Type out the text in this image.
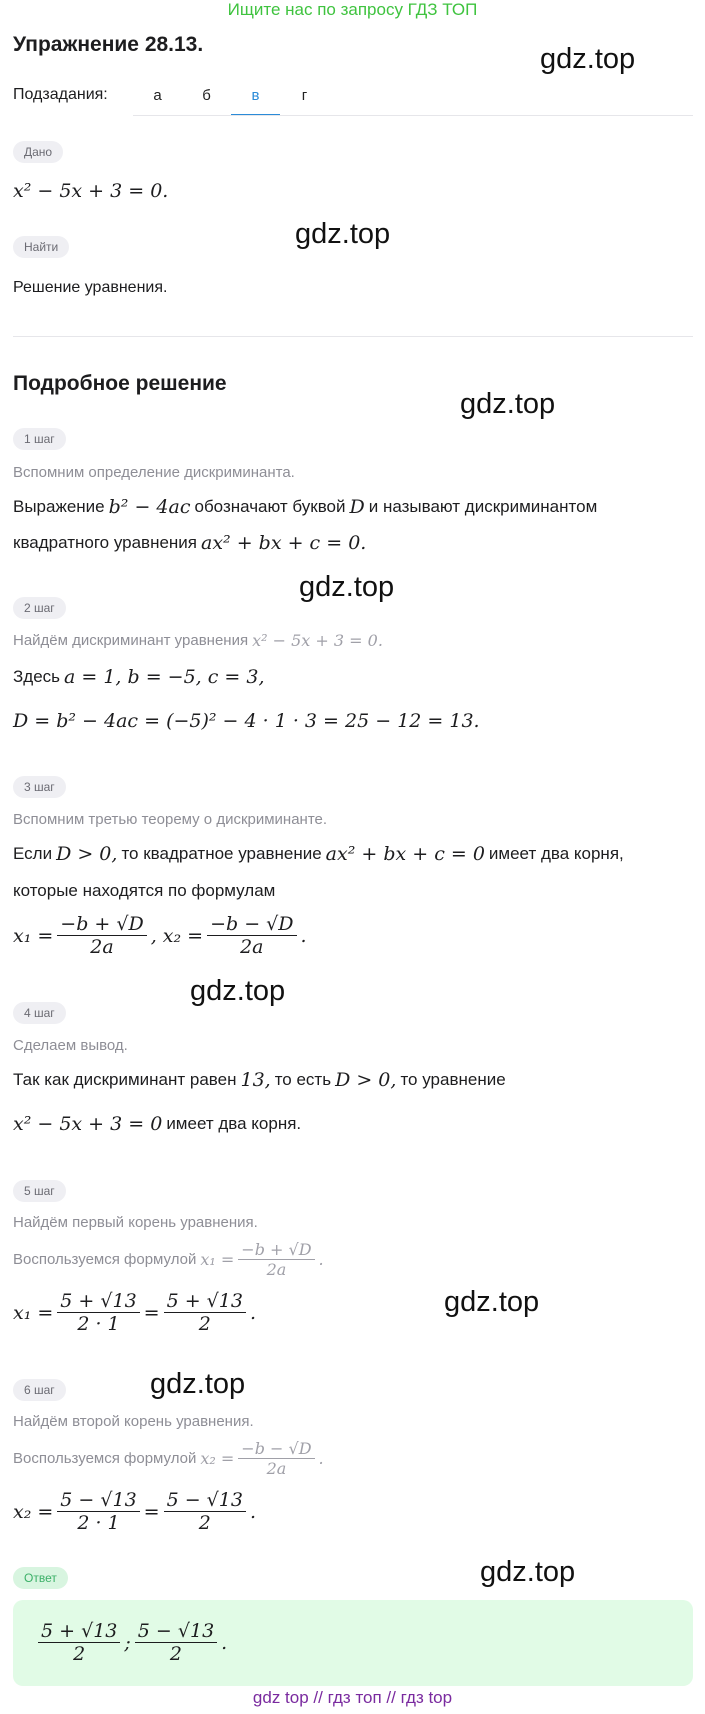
Ищите нас по запросу ГДЗ ТОП
Упражнение 28.13.	gdz.top
gdz.top
gdz.top
gdz.top
gdz.top
gdz.top
gdz.top
gdz.top
Подзадания:	а	б	в	г
Дано
x² − 5x + 3 = 0.
Найти
Решение уравнения.
Подробное решение
1 шаг
Вспомним определение дискриминанта.
Выражение b² − 4ac обозначают буквой D и называют дискриминантом
квадратного уравнения ax² + bx + c = 0.
2 шаг
Найдём дискриминант уравнения x² − 5x + 3 = 0.
Здесь a = 1, b = −5, c = 3,
D = b² − 4ac = (−5)² − 4 · 1 · 3 = 25 − 12 = 13.
3 шаг
Вспомним третью теорему о дискриминанте.
Если D > 0, то квадратное уравнение ax² + bx + c = 0 имеет два корня,
которые находятся по формулам
$x_1 = \frac{-b + √D}{2a}$ , $x_2 = \frac{-b - √D}{2a}$ .
4 шаг
Сделаем вывод.
Так как дискриминант равен 13, то есть D > 0, то уравнение
x² − 5x + 3 = 0 имеет два корня.
5 шаг
Найдём первый корень уравнения.
Воспользуемся формулой $x_1 = \frac{-b + √D}{2a}$ .
$x_1 = \frac{5 + √13}{2 \cdot 1} = \frac{5 + √13}{2}$ .
6 шаг
Найдём второй корень уравнения.
Воспользуемся формулой $x_2 = \frac{-b - √D}{2a}$ .
$x_2 = \frac{5 - √13}{2 \cdot 1} = \frac{5 - √13}{2}$ .
Ответ
$\frac{5 + √13}{2}$ ; $\frac{5 - √13}{2}$ .
gdz top // гдз топ // гдз top
